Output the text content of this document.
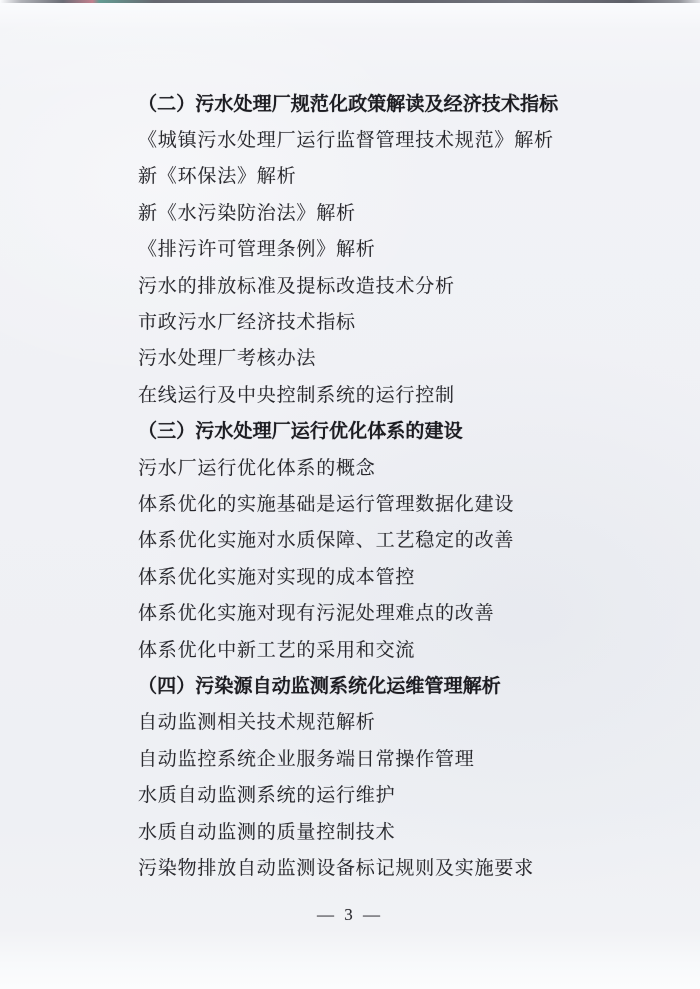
（二）污水处理厂规范化政策解读及经济技术指标
《城镇污水处理厂运行监督管理技术规范》解析
新《环保法》解析
新《水污染防治法》解析
《排污许可管理条例》解析
污水的排放标准及提标改造技术分析
市政污水厂经济技术指标
污水处理厂考核办法
在线运行及中央控制系统的运行控制
（三）污水处理厂运行优化体系的建设
污水厂运行优化体系的概念
体系优化的实施基础是运行管理数据化建设
体系优化实施对水质保障、工艺稳定的改善
体系优化实施对实现的成本管控
体系优化实施对现有污泥处理难点的改善
体系优化中新工艺的采用和交流
（四）污染源自动监测系统化运维管理解析
自动监测相关技术规范解析
自动监控系统企业服务端日常操作管理
水质自动监测系统的运行维护
水质自动监测的质量控制技术
污染物排放自动监测设备标记规则及实施要求
— 3 —
